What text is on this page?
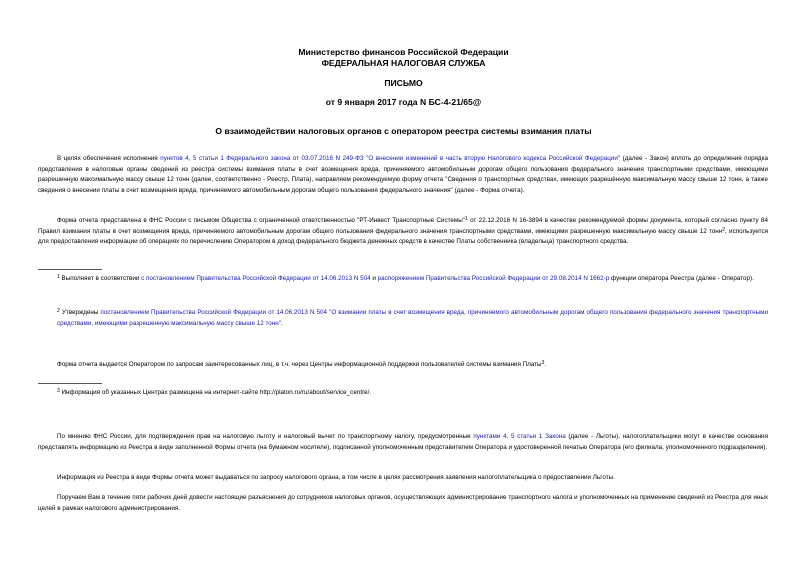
Министерство финансов Российской Федерации
ФЕДЕРАЛЬНАЯ НАЛОГОВАЯ СЛУЖБА
ПИСЬМО
от 9 января 2017 года N БС-4-21/65@
О взаимодействии налоговых органов с оператором реестра системы взимания платы
В целях обеспечения исполнения пунктов 4, 5 статьи 1 Федерального закона от 03.07.2016 N 249-ФЗ "О внесении изменений в часть вторую Налогового кодекса Российской Федерации" (далее - Закон) вплоть до определения порядка представления в налоговые органы сведений из реестра системы взимания платы в счет возмещения вреда, причиняемого автомобильным дорогам общего пользования федерального значения транспортными средствами, имеющими разрешенную максимальную массу свыше 12 тонн (далее, соответственно - Реестр, Плата), направляем рекомендуемую форму отчета "Сведения о транспортных средствах, имеющих разрешённую максимальную массу свыше 12 тонн, а также сведения о внесении платы в счет возмещения вреда, причиняемого автомобильным дорогам общего пользования федерального значения" (далее - Форма отчета).
Форма отчета представлена в ФНС России с письмом Общества с ограниченной ответственностью "РТ-Инвест Транспортные Системы"$^1$ от 22.12.2016 N 16-3894 в качестве рекомендуемой формы документа, который согласно пункту 84 Правил взимания платы в счет возмещения вреда, причиняемого автомобильным дорогам общего пользования федерального значения транспортными средствами, имеющими разрешенную максимальную массу свыше 12 тонн$^2$, используется для предоставления информации об операциях по перечислению Оператором в доход федерального бюджета денежных средств в качестве Платы собственника (владельца) транспортного средства.
$^1$ Выполняет в соответствии с постановлением Правительства Российской Федерации от 14.06.2013 N 504 и распоряжением Правительства Российской Федерации от 29.08.2014 N 1662-р функции оператора Реестра (далее - Оператор).
$^2$ Утверждены постановлением Правительства Российской Федерации от 14.06.2013 N 504 "О взимании платы в счет возмещения вреда, причиняемого автомобильным дорогам общего пользования федерального значения транспортными средствами, имеющими разрешенную максимальную массу свыше 12 тонн".
Форма отчета выдается Оператором по запросам заинтересованных лиц, в т.ч. через Центры информационной поддержки пользователей системы взимания Платы$^3$.
$^3$ Информация об указанных Центрах размещена на интернет-сайте http://platon.ru/ru/about/service_centre/.
По мнению ФНС России, для подтверждения прав на налоговую льготу и налоговый вычет по транспортному налогу, предусмотренные пунктами 4, 5 статьи 1 Закона (далее - Льготы), налогоплательщики могут в качестве основания представлять информацию из Реестра в виде заполненной Формы отчета (на бумажном носителе), подписанной уполномоченным представителем Оператора и удостоверенной печатью Оператора (его филиала, уполномоченного подразделения).
Информация из Реестра в виде Формы отчета может выдаваться по запросу налогового органа, в том числе в целях рассмотрения заявления налогоплательщика о предоставлении Льготы.
Поручаем Вам в течение пяти рабочих дней довести настоящие разъяснения до сотрудников налоговых органов, осуществляющих администрирование транспортного налога и уполномоченных на применение сведений из Реестра для иных целей в рамках налогового администрирования.
